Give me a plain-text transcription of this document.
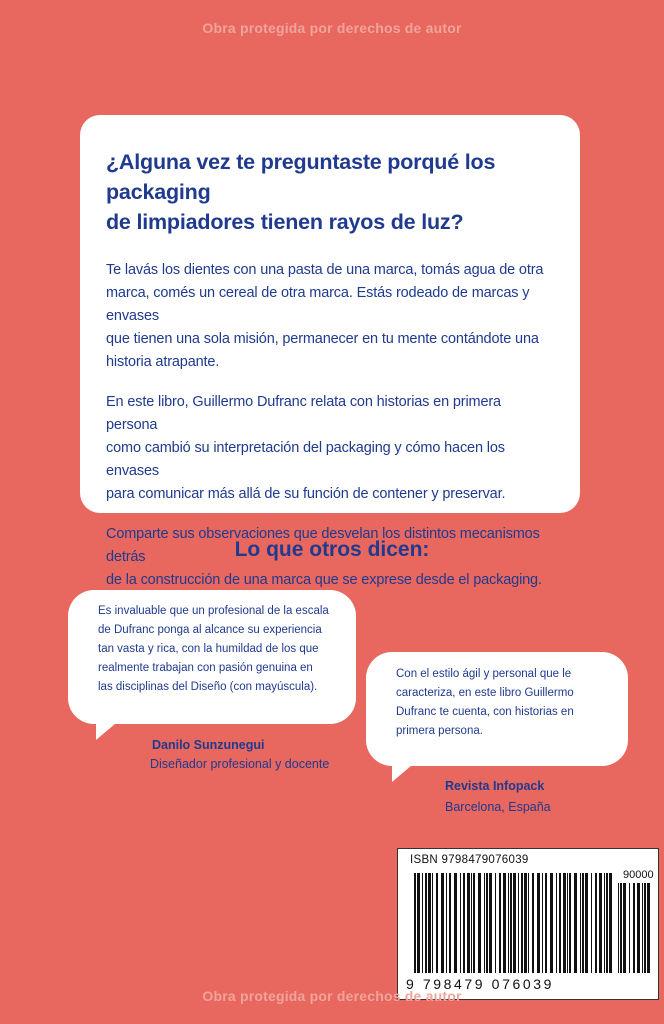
Obra protegida por derechos de autor
¿Alguna vez te preguntaste porqué los packaging
de limpiadores tienen rayos de luz?
Te lavás los dientes con una pasta de una marca, tomás agua de otra
marca, comés un cereal de otra marca. Estás rodeado de marcas y envases
que tienen una sola misión, permanecer en tu mente contándote una
historia atrapante.
En este libro, Guillermo Dufranc relata con historias en primera persona
como cambió su interpretación del packaging y cómo hacen los envases
para comunicar más allá de su función de contener y preservar.
Comparte sus observaciones que desvelan los distintos mecanismos detrás
de la construcción de una marca que se exprese desde el packaging.
Lo que otros dicen:
Es invaluable que un profesional de la escala
de Dufranc ponga al alcance su experiencia
tan vasta y rica, con la humildad de los que
realmente trabajan con pasión genuina en
las disciplinas del Diseño (con mayúscula).
Danilo Sunzunegui
Diseñador profesional y docente
Con el estilo ágil y personal que le
caracteriza, en este libro Guillermo
Dufranc te cuenta, con historias en
primera persona.
Revista Infopack
Barcelona, España
ISBN 9798479076039
90000
9 798479 076039
Obra protegida por derechos de autor
